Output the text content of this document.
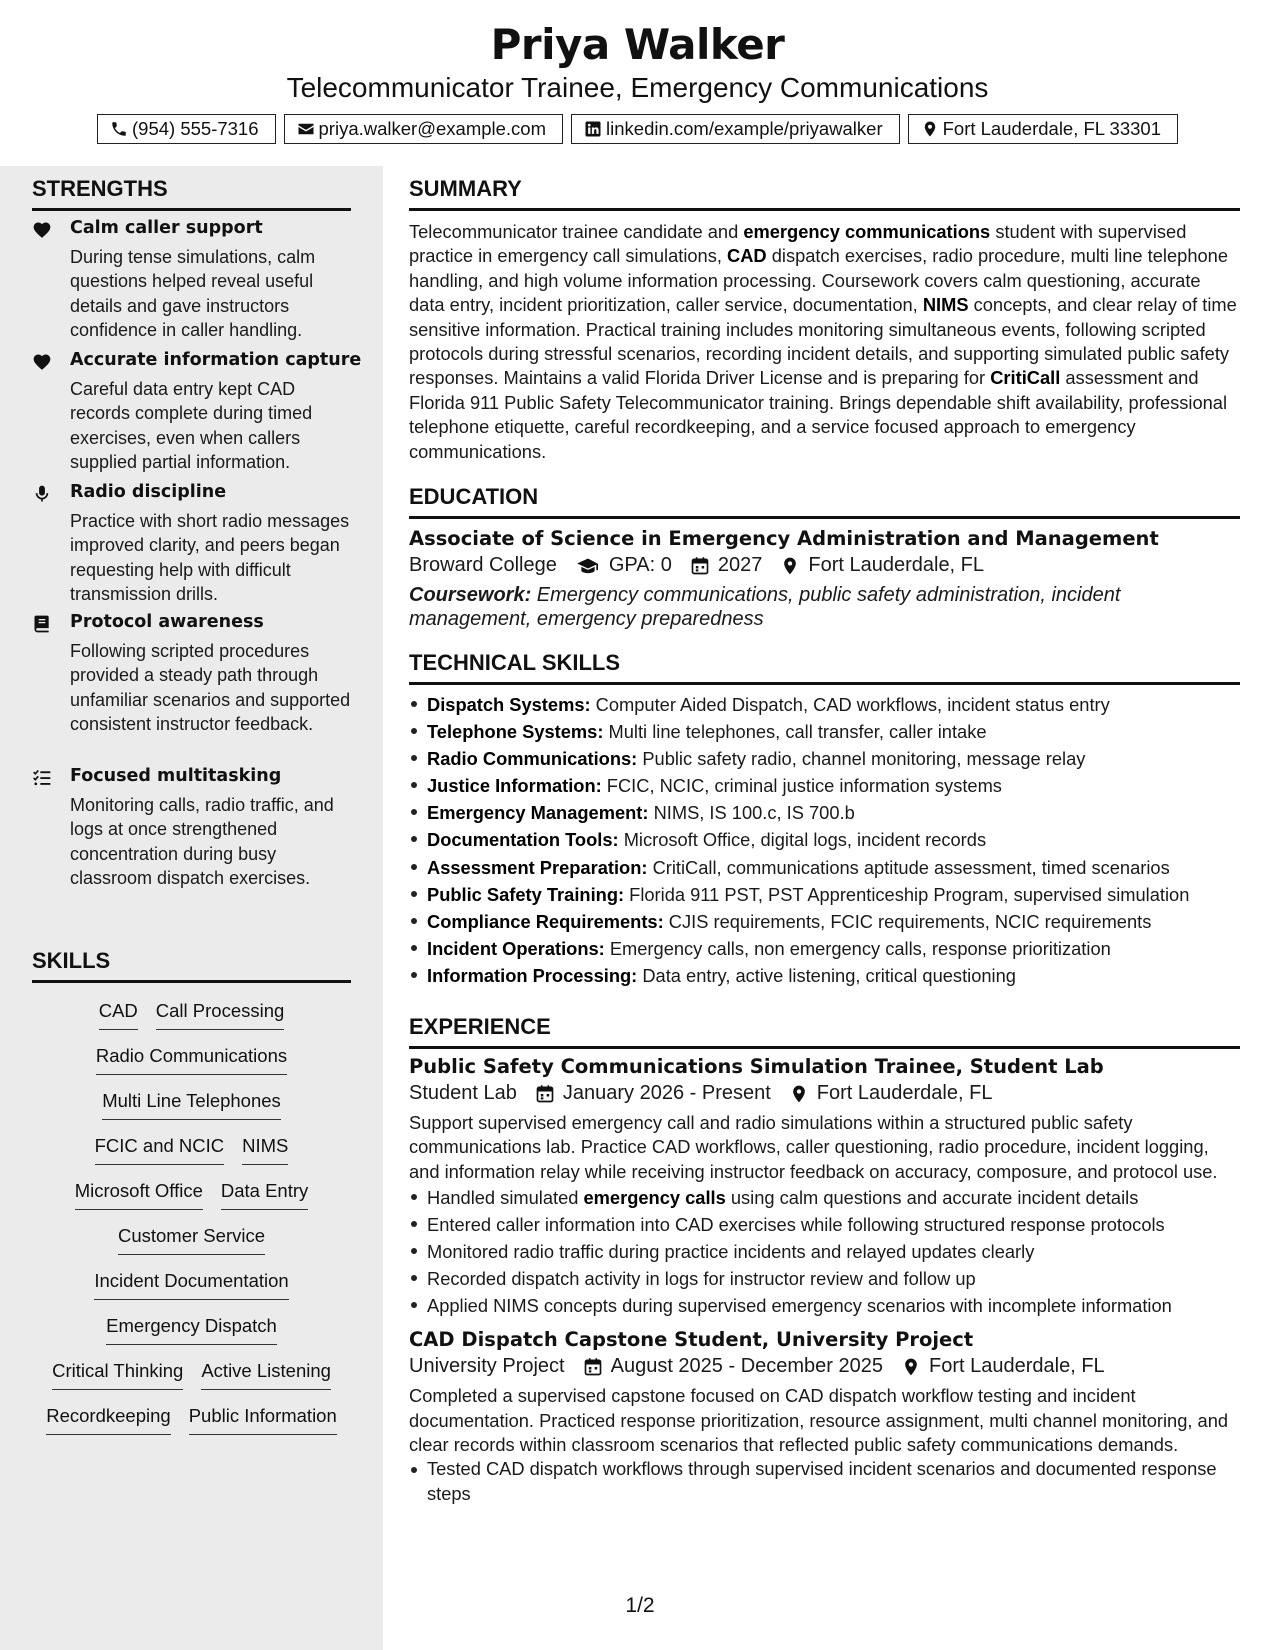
Priya Walker
Telecommunicator Trainee, Emergency Communications
(954) 555-7316	priya.walker@example.com	linkedin.com/example/priyawalker	Fort Lauderdale, FL 33301
STRENGTHS
Calm caller support
During tense simulations, calm questions helped reveal useful details and gave instructors confidence in caller handling.
Accurate information capture
Careful data entry kept CAD records complete during timed exercises, even when callers supplied partial information.
Radio discipline
Practice with short radio messages improved clarity, and peers began requesting help with difficult transmission drills.
Protocol awareness
Following scripted procedures provided a steady path through unfamiliar scenarios and supported consistent instructor feedback.
Focused multitasking
Monitoring calls, radio traffic, and logs at once strengthened concentration during busy classroom dispatch exercises.
SKILLS
CAD Call Processing
Radio Communications
Multi Line Telephones
FCIC and NCIC NIMS
Microsoft Office Data Entry
Customer Service
Incident Documentation
Emergency Dispatch
Critical Thinking Active Listening
Recordkeeping Public Information
SUMMARY

Telecommunicator trainee candidate and emergency communications student with supervised practice in emergency call simulations, CAD dispatch exercises, radio procedure, multi line telephone handling, and high volume information processing. Coursework covers calm questioning, accurate data entry, incident prioritization, caller service, documentation, NIMS concepts, and clear relay of time sensitive information. Practical training includes monitoring simultaneous events, following scripted protocols during stressful scenarios, recording incident details, and supporting simulated public safety responses. Maintains a valid Florida Driver License and is preparing for CritiCall assessment and Florida 911 Public Safety Telecommunicator training. Brings dependable shift availability, professional telephone etiquette, careful recordkeeping, and a service focused approach to emergency communications.

EDUCATION
Associate of Science in Emergency Administration and Management
Broward College	GPA: 0 2027 Fort Lauderdale, FL

Coursework: Emergency communications, public safety administration, incident management, emergency preparedness

TECHNICAL SKILLS
Dispatch Systems: Computer Aided Dispatch, CAD workflows, incident status entry
Telephone Systems: Multi line telephones, call transfer, caller intake
Radio Communications: Public safety radio, channel monitoring, message relay
Justice Information: FCIC, NCIC, criminal justice information systems
Emergency Management: NIMS, IS 100.c, IS 700.b
Documentation Tools: Microsoft Office, digital logs, incident records
Assessment Preparation: CritiCall, communications aptitude assessment, timed scenarios
Public Safety Training: Florida 911 PST, PST Apprenticeship Program, supervised simulation
Compliance Requirements: CJIS requirements, FCIC requirements, NCIC requirements
Incident Operations: Emergency calls, non emergency calls, response prioritization
Information Processing: Data entry, active listening, critical questioning
EXPERIENCE
Public Safety Communications Simulation Trainee, Student Lab
Student Lab January 2026 - Present Fort Lauderdale, FL

Support supervised emergency call and radio simulations within a structured public safety communications lab. Practice CAD workflows, caller questioning, radio procedure, incident logging, and information relay while receiving instructor feedback on accuracy, composure, and protocol use.

Handled simulated emergency calls using calm questions and accurate incident details
Entered caller information into CAD exercises while following structured response protocols
Monitored radio traffic during practice incidents and relayed updates clearly
Recorded dispatch activity in logs for instructor review and follow up
Applied NIMS concepts during supervised emergency scenarios with incomplete information
CAD Dispatch Capstone Student, University Project
University Project August 2025 - December 2025 Fort Lauderdale, FL

Completed a supervised capstone focused on CAD dispatch workflow testing and incident documentation. Practiced response prioritization, resource assignment, multi channel monitoring, and clear records within classroom scenarios that reflected public safety communications demands.

Tested CAD dispatch workflows through supervised incident scenarios and documented response steps
1/2
